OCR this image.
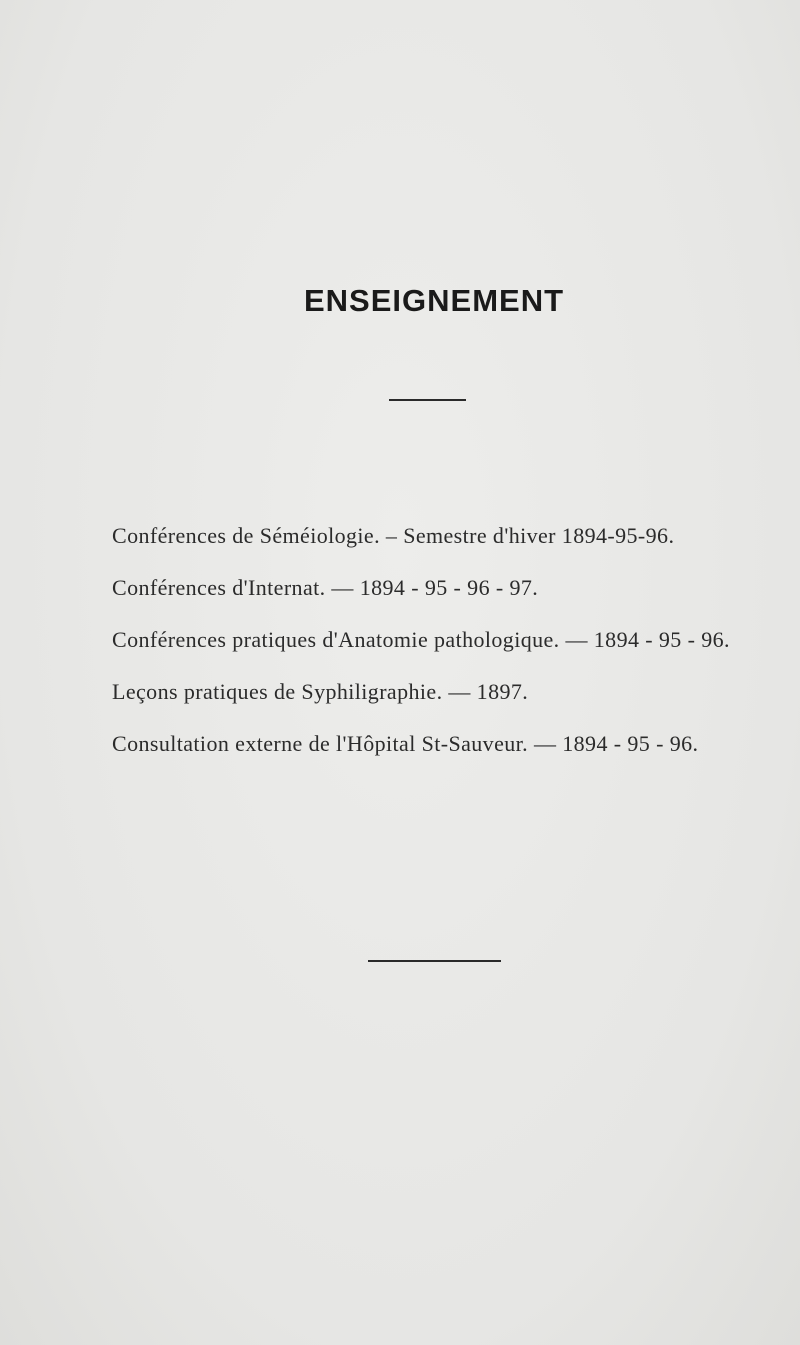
ENSEIGNEMENT
Conférences de Séméiologie. – Semestre d'hiver 1894-95-96.
Conférences d'Internat. — 1894 - 95 - 96 - 97.
Conférences pratiques d'Anatomie pathologique. — 1894 - 95 - 96.
Leçons pratiques de Syphiligraphie. — 1897.
Consultation externe de l'Hôpital St-Sauveur. — 1894 - 95 - 96.
